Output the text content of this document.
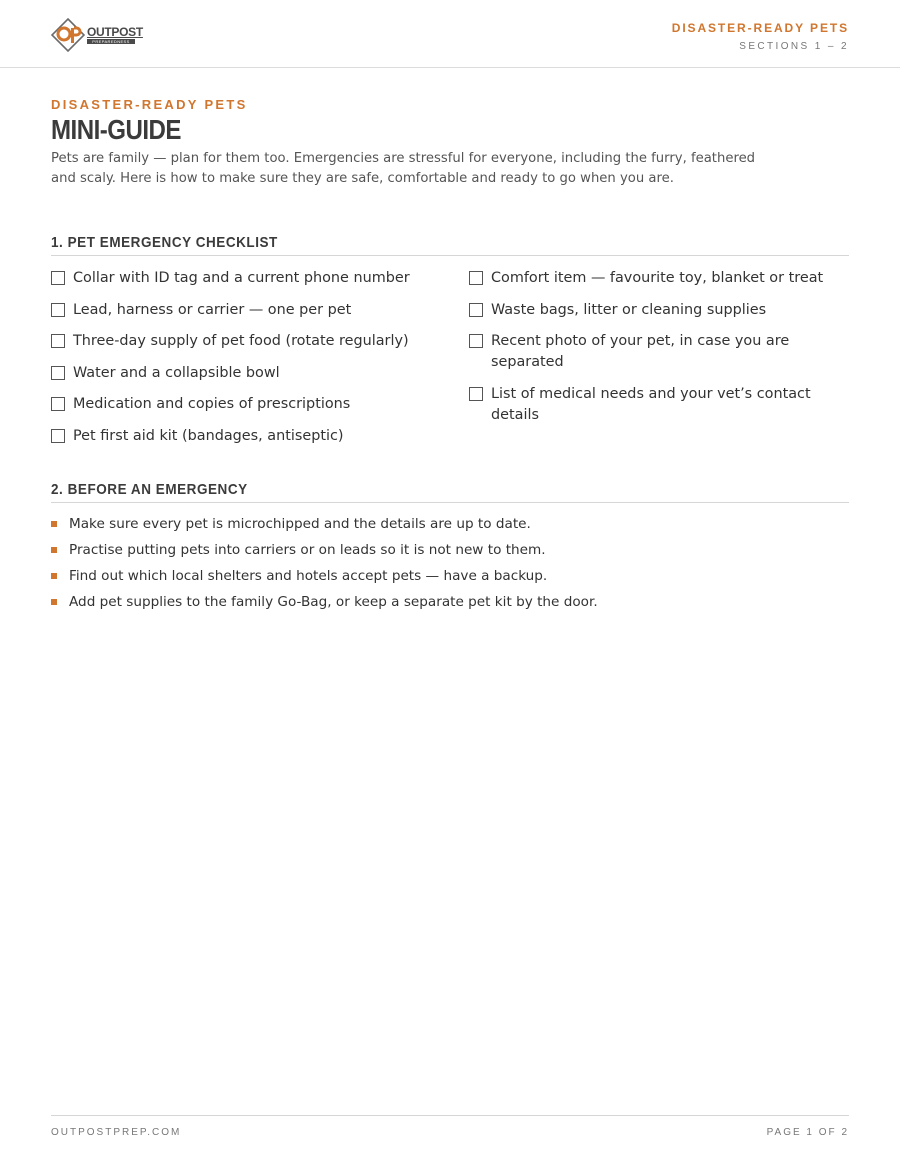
OP
OUTPOST
PREPAREDNESS
DISASTER-READY PETS
SECTIONS 1 – 2
DISASTER-READY PETS
MINI-GUIDE

Pets are family — plan for them too. Emergencies are stressful for everyone, including the furry, feathered and scaly. Here is how to make sure they are safe, comfortable and ready to go when you are.

1. PET EMERGENCY CHECKLIST
Collar with ID tag and a current phone number
Lead, harness or carrier — one per pet
Three-day supply of pet food (rotate regularly)
Water and a collapsible bowl
Medication and copies of prescriptions
Pet first aid kit (bandages, antiseptic)
Comfort item — favourite toy, blanket or treat
Waste bags, litter or cleaning supplies
Recent photo of your pet, in case you are separated
List of medical needs and your vet’s contact details
2. BEFORE AN EMERGENCY
Make sure every pet is microchipped and the details are up to date.
Practise putting pets into carriers or on leads so it is not new to them.
Find out which local shelters and hotels accept pets — have a backup.
Add pet supplies to the family Go-Bag, or keep a separate pet kit by the door.
OUTPOSTPREP.COM	PAGE 1 OF 2
